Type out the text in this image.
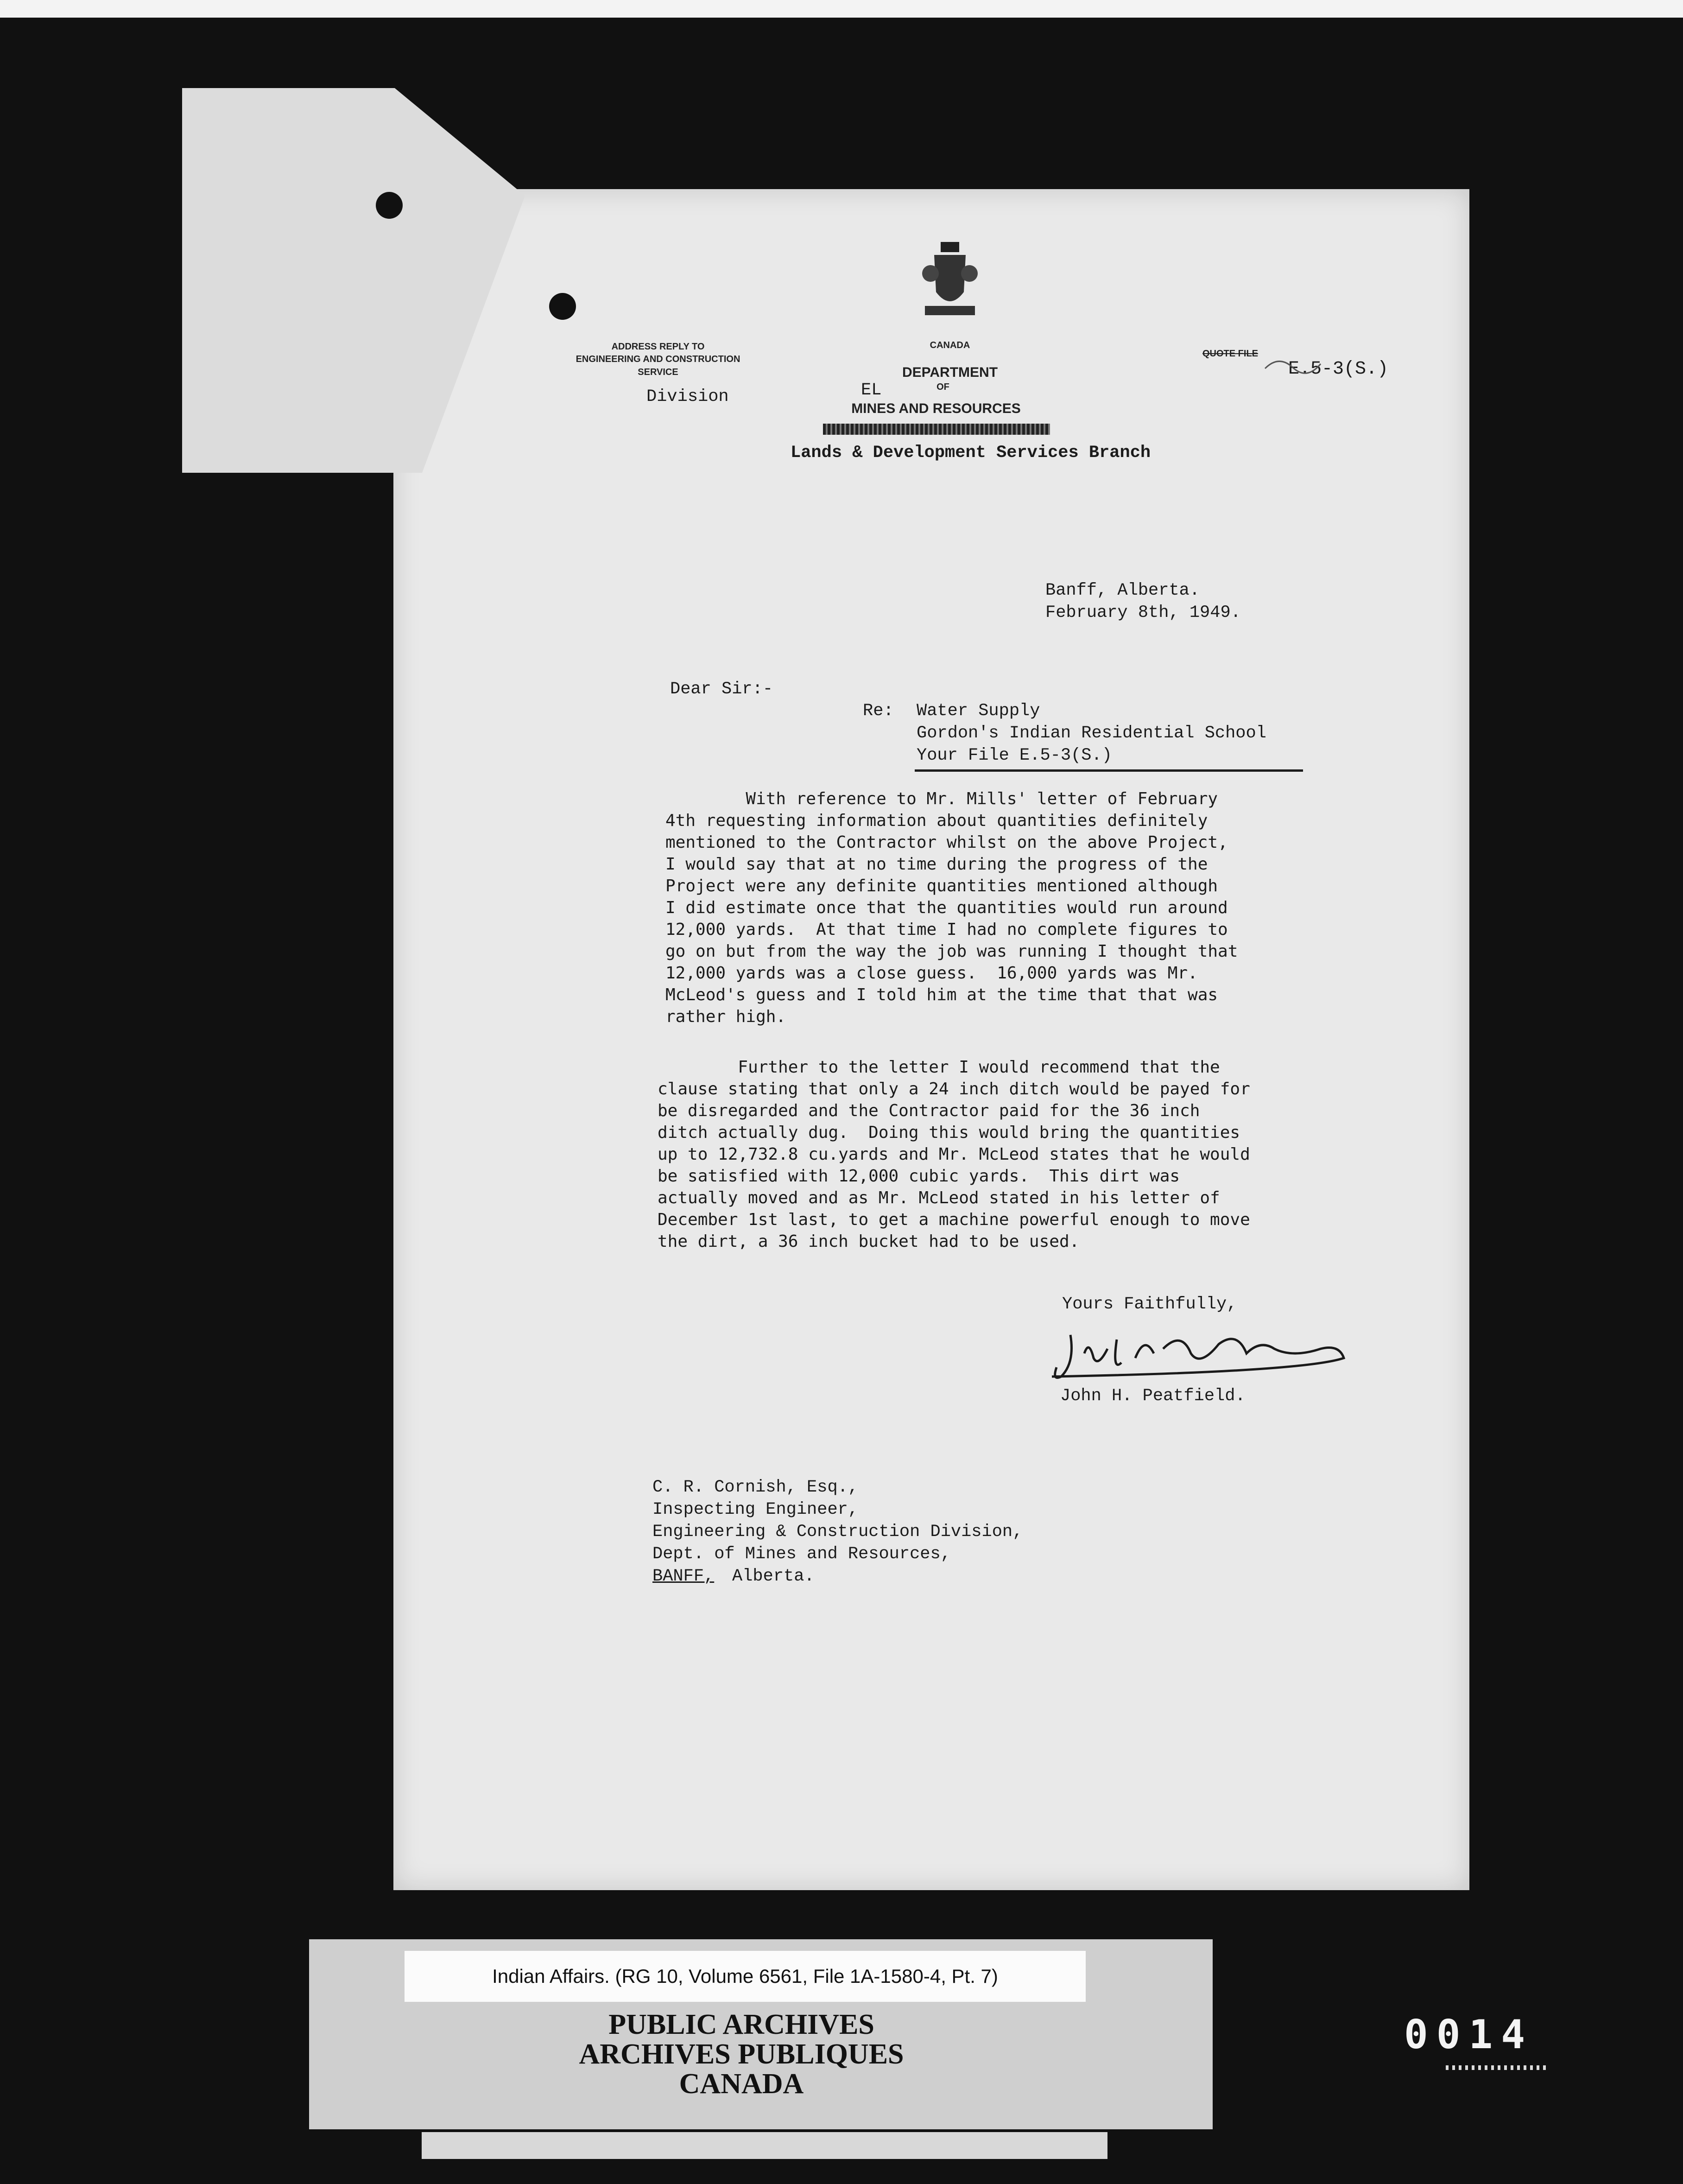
ADDRESS REPLY TO
ENGINEERING AND CONSTRUCTION
SERVICE
Division
CANADA
DEPARTMENT
EL	OF
MINES AND RESOURCES
Lands & Development Services Branch
QUOTE FILE
E.5-3(S.)
Banff, Alberta.
February 8th, 1949.
Dear Sir:-
Re: Water Supply
Gordon's Indian Residential School
Your File E.5-3(S.)
With reference to Mr. Mills' letter of February
4th requesting information about quantities definitely
mentioned to the Contractor whilst on the above Project,
I would say that at no time during the progress of the
Project were any definite quantities mentioned although
I did estimate once that the quantities would run around
12,000 yards.  At that time I had no complete figures to
go on but from the way the job was running I thought that
12,000 yards was a close guess.  16,000 yards was Mr.
McLeod's guess and I told him at the time that that was
rather high.
Further to the letter I would recommend that the
clause stating that only a 24 inch ditch would be payed for
be disregarded and the Contractor paid for the 36 inch
ditch actually dug.  Doing this would bring the quantities
up to 12,732.8 cu.yards and Mr. McLeod states that he would
be satisfied with 12,000 cubic yards.  This dirt was
actually moved and as Mr. McLeod stated in his letter of
December 1st last, to get a machine powerful enough to move
the dirt, a 36 inch bucket had to be used.
Yours Faithfully,
John H. Peatfield.
C. R. Cornish, Esq.,
Inspecting Engineer,
Engineering & Construction Division,
Dept. of Mines and Resources,
BANFF, Alberta.
Indian Affairs. (RG 10, Volume 6561, File 1A-1580-4, Pt. 7)
PUBLIC ARCHIVES
ARCHIVES PUBLIQUES
CANADA
0014
